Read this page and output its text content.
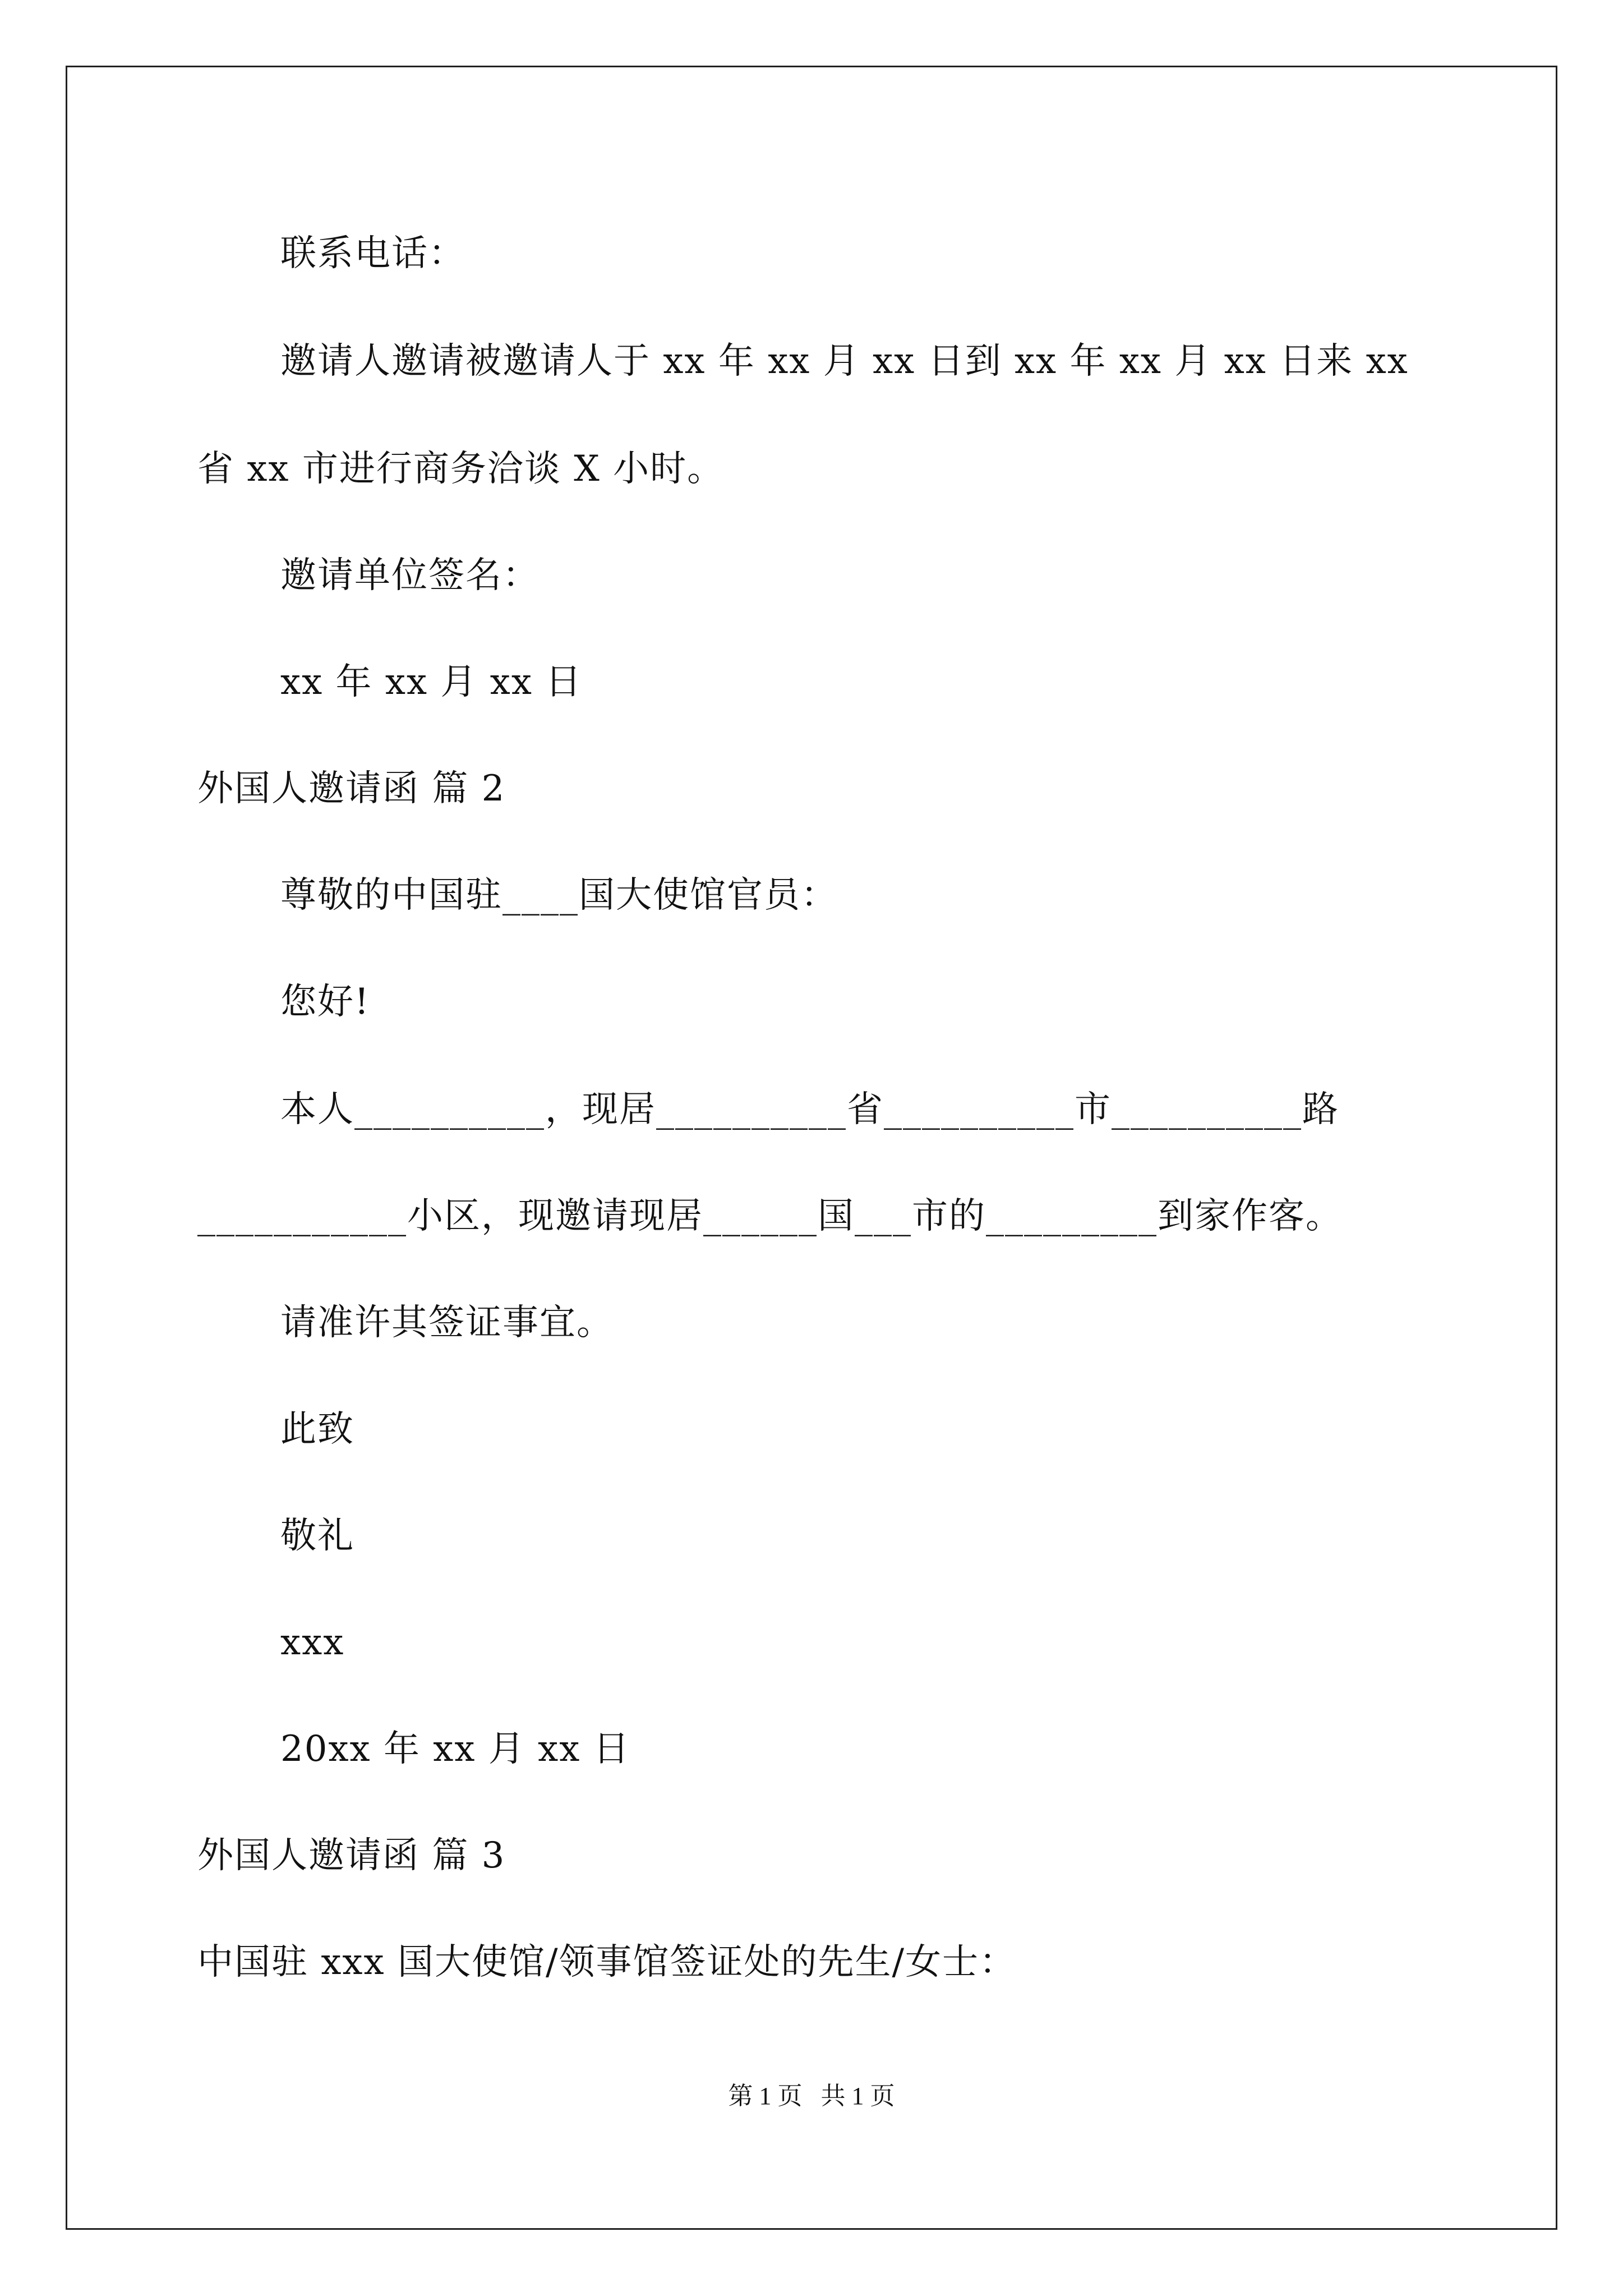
联系电话：
邀请人邀请被邀请人于 xx 年 xx 月 xx 日到 xx 年 xx 月 xx 日来 xx
省 xx 市进行商务洽谈 X 小时。
邀请单位签名：
xx 年 xx 月 xx 日
外国人邀请函 篇 2
尊敬的中国驻____国大使馆官员：
您好!
本人__________，现居__________省__________市__________路
___________小区，现邀请现居______国___市的_________到家作客。
请准许其签证事宜。
此致
敬礼
xxx
20xx 年 xx 月 xx 日
外国人邀请函 篇 3
中国驻 xxx 国大使馆/领事馆签证处的先生/女士：
第 1 页   共 1 页
